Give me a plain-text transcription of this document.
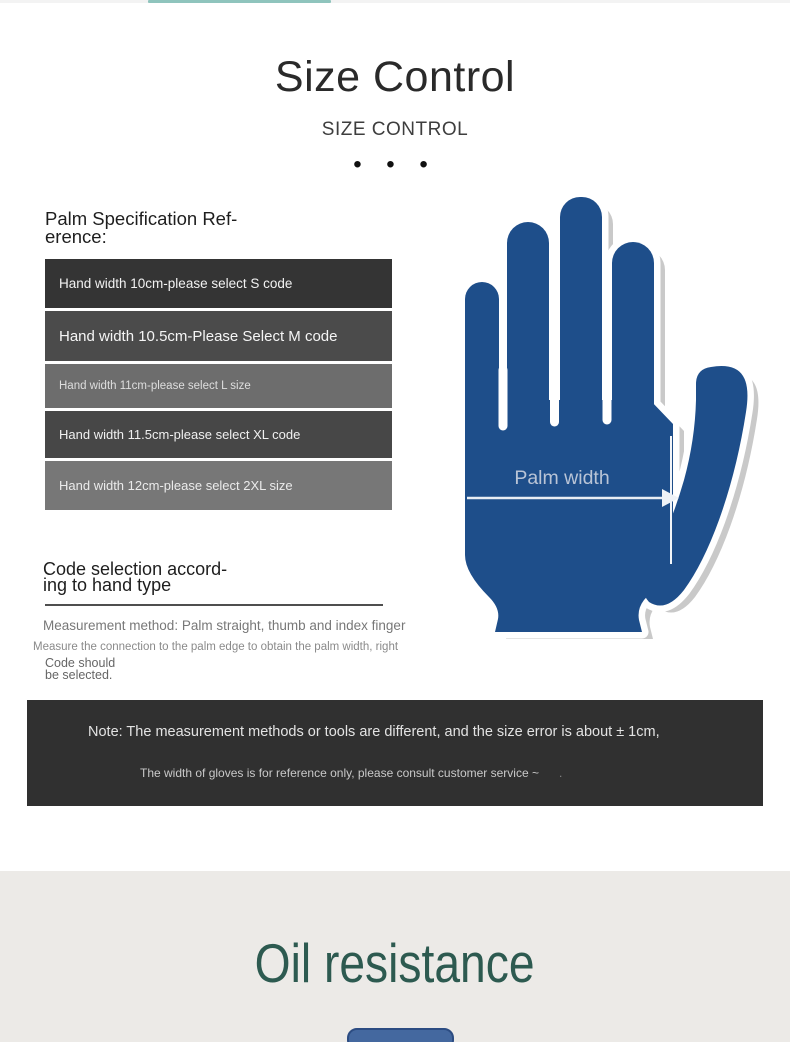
Size Control
SIZE CONTROL
• • •
Palm Specification Ref-
erence:
Hand width 10cm-please select S code
Hand width 10.5cm-Please Select M code
Hand width 11cm-please select L size
Hand width 11.5cm-please select XL code
Hand width 12cm-please select 2XL size	Palm width
Code selection accord-
ing to hand type
Measurement method: Palm straight, thumb and index finger
Measure the connection to the palm edge to obtain the palm width, right
Code should
be selected.
Note: The measurement methods or tools are different, and the size error is about ± 1cm,
The width of gloves is for reference only, please consult customer service ~ .
Oil resistance
